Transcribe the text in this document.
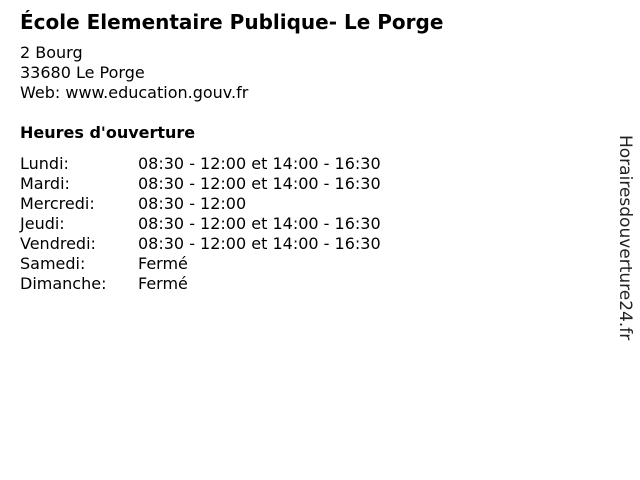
École Elementaire Publique- Le Porge
2 Bourg
33680 Le Porge
Web: www.education.gouv.fr
Heures d'ouverture
Lundi:	08:30 - 12:00 et 14:00 - 16:30
Mardi:	08:30 - 12:00 et 14:00 - 16:30
Mercredi:	08:30 - 12:00
Jeudi:	08:30 - 12:00 et 14:00 - 16:30
Vendredi:	08:30 - 12:00 et 14:00 - 16:30
Samedi:	Fermé
Dimanche:	Fermé	Horairesdouverture24.fr
